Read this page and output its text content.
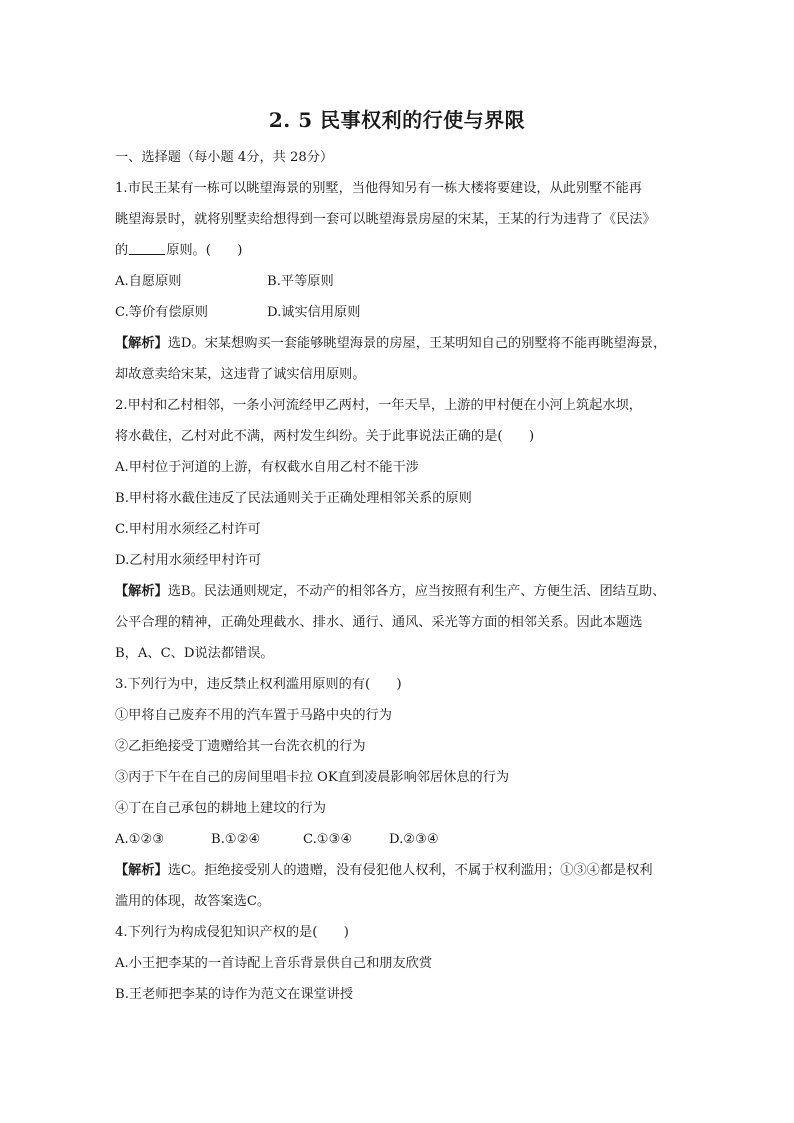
2. 5 民事权利的行使与界限
一、选择题（每小题 4分，共 28分）
1.市民王某有一栋可以眺望海景的别墅，当他得知另有一栋大楼将要建设，从此别墅不能再
眺望海景时，就将别墅卖给想得到一套可以眺望海景房屋的宋某，王某的行为违背了《民法》
的	原则。(　　)
A.自愿原则	B.平等原则
C.等价有偿原则	D.诚实信用原则
【解析】选D。宋某想购买一套能够眺望海景的房屋，王某明知自己的别墅将不能再眺望海景，
却故意卖给宋某，这违背了诚实信用原则。
2.甲村和乙村相邻，一条小河流经甲乙两村，一年天旱，上游的甲村便在小河上筑起水坝，
将水截住，乙村对此不满，两村发生纠纷。关于此事说法正确的是(　　)
A.甲村位于河道的上游，有权截水自用乙村不能干涉
B.甲村将水截住违反了民法通则关于正确处理相邻关系的原则
C.甲村用水须经乙村许可
D.乙村用水须经甲村许可
【解析】选B。民法通则规定，不动产的相邻各方，应当按照有利生产、方便生活、团结互助、
公平合理的精神，正确处理截水、排水、通行、通风、采光等方面的相邻关系。因此本题选
B，A、C、D说法都错误。
3.下列行为中，违反禁止权利滥用原则的有(　　)
①甲将自己废弃不用的汽车置于马路中央的行为
②乙拒绝接受丁遗赠给其一台洗衣机的行为
③丙于下午在自己的房间里唱卡拉 OK直到凌晨影响邻居休息的行为
④丁在自己承包的耕地上建坟的行为
A.①②③	B.①②④	C.①③④	D.②③④
【解析】选C。拒绝接受别人的遗赠，没有侵犯他人权利，不属于权利滥用；①③④都是权利
滥用的体现，故答案选C。
4.下列行为构成侵犯知识产权的是(　　)
A.小王把李某的一首诗配上音乐背景供自己和朋友欣赏
B.王老师把李某的诗作为范文在课堂讲授
